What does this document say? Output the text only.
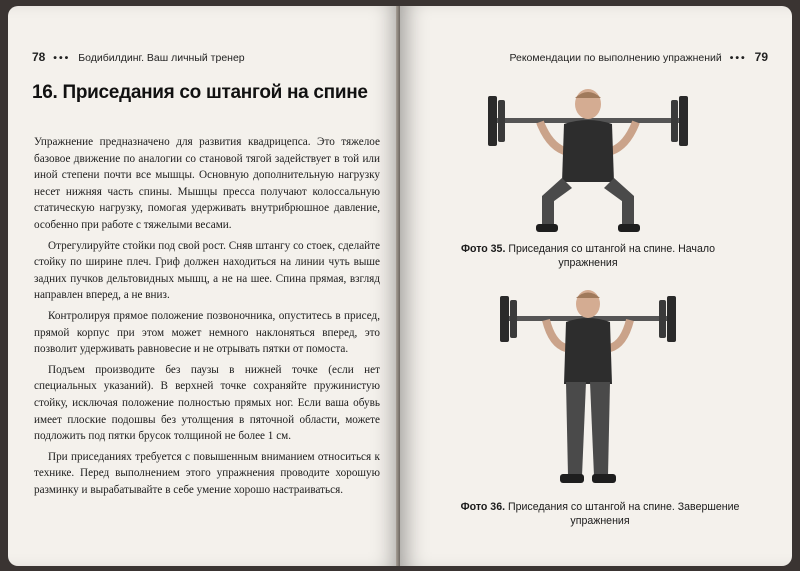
78 ••• Бодибилдинг. Ваш личный тренер
16. Приседания со штангой на спине

Упражнение предназначено для развития квадрицепса. Это тяжелое базовое движение по аналогии со становой тягой задействует в той или иной степени почти все мышцы. Основную дополнительную нагрузку несет нижняя часть спины. Мышцы пресса получают колоссальную статическую нагрузку, помогая удерживать внутрибрюшное давление, особенно при работе с тяжелыми весами.

Отрегулируйте стойки под свой рост. Сняв штангу со стоек, сделайте стойку по ширине плеч. Гриф должен находиться на линии чуть выше задних пучков дельтовидных мышц, а не на шее. Спина прямая, взгляд направлен вперед, а не вниз.

Контролируя прямое положение позвоночника, опуститесь в присед, прямой корпус при этом может немного наклоняться вперед, это позволит удерживать равновесие и не отрывать пятки от помоста.

Подъем производите без паузы в нижней точке (если нет специальных указаний). В верхней точке сохраняйте пружинистую стойку, исключая положение полностью прямых ног. Если ваша обувь имеет плоские подошвы без утолщения в пяточной области, можете подложить под пятки брусок толщиной не более 1 см.

При приседаниях требуется с повышенным вниманием относиться к технике. Перед выполнением этого упражнения проводите хорошую разминку и вырабатывайте в себе умение хорошо настраиваться.

Рекомендации по выполнению упражнений ••• 79
Фото 35. Приседания со штангой на спине. Начало упражнения
Фото 36. Приседания со штангой на спине. Завершение упражнения
